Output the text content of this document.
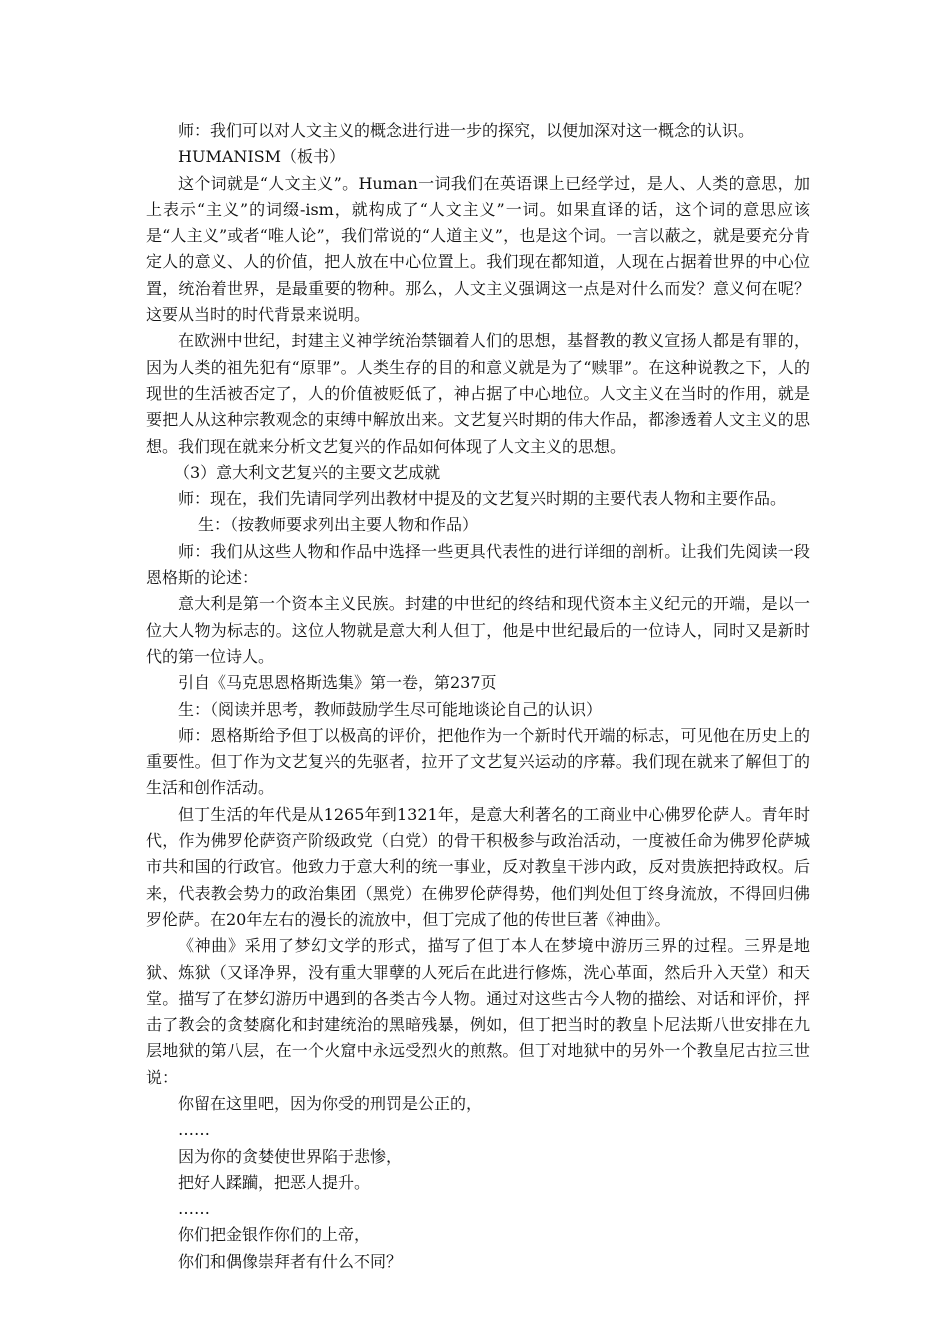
师：我们可以对人文主义的概念进行进一步的探究，以便加深对这一概念的认识。

HUMANISM（板书）

这个词就是“人文主义”。Human一词我们在英语课上已经学过，是人、人类的意思，加上表示“主义”的词缀-ism，就构成了“人文主义”一词。如果直译的话，这个词的意思应该是“人主义”或者“唯人论”，我们常说的“人道主义”，也是这个词。一言以蔽之，就是要充分肯定人的意义、人的价值，把人放在中心位置上。我们现在都知道，人现在占据着世界的中心位置，统治着世界，是最重要的物种。那么，人文主义强调这一点是对什么而发？意义何在呢？这要从当时的时代背景来说明。

在欧洲中世纪，封建主义神学统治禁锢着人们的思想，基督教的教义宣扬人都是有罪的，因为人类的祖先犯有“原罪”。人类生存的目的和意义就是为了“赎罪”。在这种说教之下，人的现世的生活被否定了，人的价值被贬低了，神占据了中心地位。人文主义在当时的作用，就是要把人从这种宗教观念的束缚中解放出来。文艺复兴时期的伟大作品，都渗透着人文主义的思想。我们现在就来分析文艺复兴的作品如何体现了人文主义的思想。

（3）意大利文艺复兴的主要文艺成就

师：现在，我们先请同学列出教材中提及的文艺复兴时期的主要代表人物和主要作品。

生：（按教师要求列出主要人物和作品）

师：我们从这些人物和作品中选择一些更具代表性的进行详细的剖析。让我们先阅读一段恩格斯的论述：

意大利是第一个资本主义民族。封建的中世纪的终结和现代资本主义纪元的开端，是以一位大人物为标志的。这位人物就是意大利人但丁，他是中世纪最后的一位诗人，同时又是新时代的第一位诗人。

引自《马克思恩格斯选集》第一卷，第237页

生：（阅读并思考，教师鼓励学生尽可能地谈论自己的认识）

师：恩格斯给予但丁以极高的评价，把他作为一个新时代开端的标志，可见他在历史上的重要性。但丁作为文艺复兴的先驱者，拉开了文艺复兴运动的序幕。我们现在就来了解但丁的生活和创作活动。

但丁生活的年代是从1265年到1321年，是意大利著名的工商业中心佛罗伦萨人。青年时代，作为佛罗伦萨资产阶级政党（白党）的骨干积极参与政治活动，一度被任命为佛罗伦萨城市共和国的行政官。他致力于意大利的统一事业，反对教皇干涉内政，反对贵族把持政权。后来，代表教会势力的政治集团（黑党）在佛罗伦萨得势，他们判处但丁终身流放，不得回归佛罗伦萨。在20年左右的漫长的流放中，但丁完成了他的传世巨著《神曲》。

《神曲》采用了梦幻文学的形式，描写了但丁本人在梦境中游历三界的过程。三界是地狱、炼狱（又译净界，没有重大罪孽的人死后在此进行修炼，洗心革面，然后升入天堂）和天堂。描写了在梦幻游历中遇到的各类古今人物。通过对这些古今人物的描绘、对话和评价，抨击了教会的贪婪腐化和封建统治的黑暗残暴，例如，但丁把当时的教皇卜尼法斯八世安排在九层地狱的第八层，在一个火窟中永远受烈火的煎熬。但丁对地狱中的另外一个教皇尼古拉三世说：

你留在这里吧，因为你受的刑罚是公正的，

……

因为你的贪婪使世界陷于悲惨，

把好人蹂躏，把恶人提升。

……

你们把金银作你们的上帝，

你们和偶像崇拜者有什么不同？
